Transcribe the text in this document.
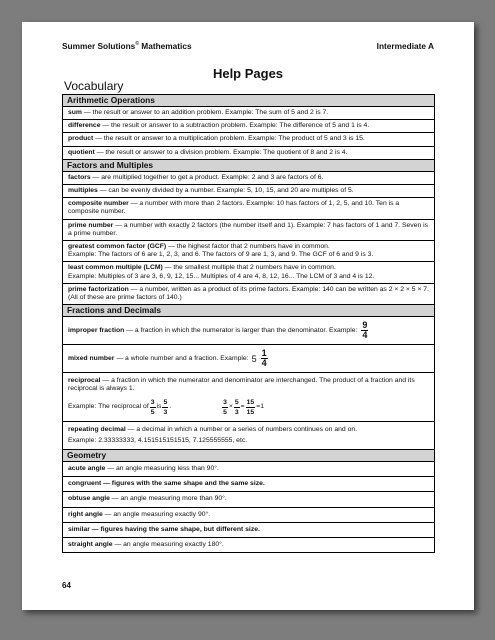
Summer Solutions© Mathematics	Intermediate A
Help Pages
Vocabulary
Arithmetic Operations
sum — the result or answer to an addition problem. Example: The sum of 5 and 2 is 7.
difference — the result or answer to a subtraction problem. Example: The difference of 5 and 1 is 4.
product — the result or answer to a multiplication problem. Example: The product of 5 and 3 is 15.
quotient — the result or answer to a division problem. Example: The quotient of 8 and 2 is 4.
Factors and Multiples
factors — are multiplied together to get a product. Example: 2 and 3 are factors of 6.
multiples — can be evenly divided by a number. Example: 5, 10, 15, and 20 are multiples of 5.
composite number — a number with more than 2 factors. Example: 10 has factors of 1, 2, 5, and 10. Ten is a composite number.
prime number — a number with exactly 2 factors (the number itself and 1). Example: 7 has factors of 1 and 7. Seven is a prime number.
greatest common factor (GCF) — the highest factor that 2 numbers have in common.
Example: The factors of 6 are 1, 2, 3, and 6. The factors of 9 are 1, 3, and 9. The GCF of 6 and 9 is 3.
least common multiple (LCM) — the smallest multiple that 2 numbers have in common.
Example: Multiples of 3 are 3, 6, 9, 12, 15... Multiples of 4 are 4, 8, 12, 16... The LCM of 3 and 4 is 12.
prime factorization — a number, written as a product of its prime factors. Example: 140 can be written as 2 × 2 × 5 × 7. (All of these are prime factors of 140.)
Fractions and Decimals
improper fraction — a fraction in which the numerator is larger than the denominator. Example: $\frac{9}{4}$
mixed number — a whole number and a fraction. Example: $5 \frac{1}{4}$
reciprocal — a fraction in which the numerator and denominator are interchanged. The product of a fraction and its reciprocal is always 1.
Example: The reciprocal of $\frac{3}{5}$ is $\frac{5}{3}$ .	$\frac{3}{5} \times \frac{5}{3} = \frac{15}{15} = 1$
repeating decimal — a decimal in which a number or a series of numbers continues on and on.
Example: 2.33333333, 4.151515151515, 7.125555555, etc.
Geometry
acute angle — an angle measuring less than 90°.
congruent — figures with the same shape and the same size.
obtuse angle — an angle measuring more than 90°.
right angle — an angle measuring exactly 90°.
similar — figures having the same shape, but different size.
straight angle — an angle measuring exactly 180°.
64
